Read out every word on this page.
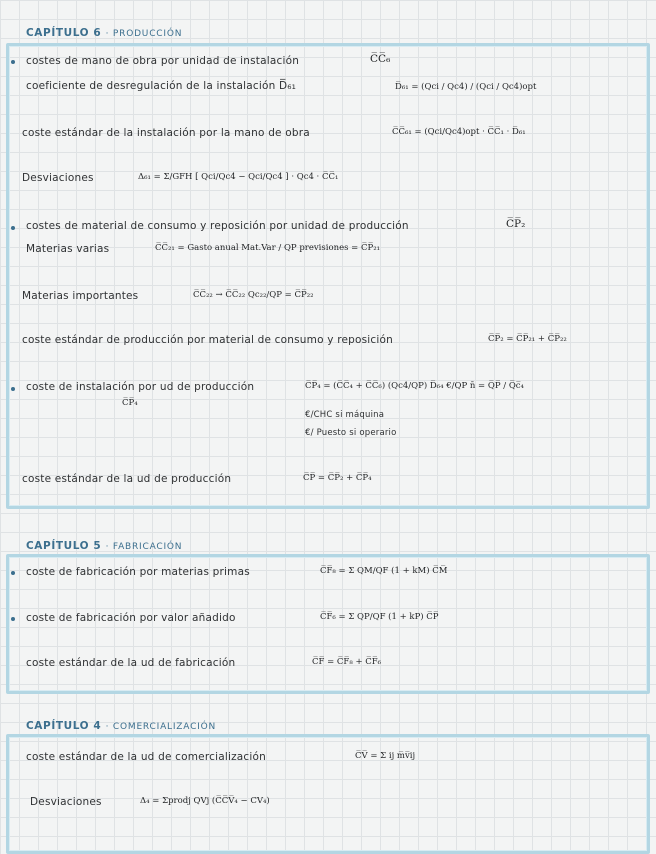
CAPÍTULO 6 · PRODUCCIÓN
costes de mano de obra por unidad de instalación	C̅C̅₆
coeficiente de desregulación de la instalación D̅₆₁	D̅₆₁ = (Qci / Qc4) / (Qci / Qc4)opt
coste estándar de la instalación por la mano de obra	C̅C̅₆₁ = (Qci/Qc4)opt · C̅C̅₁ · D̅₆₁
Desviaciones	Δ₆₁ = Σ/GFH [ Qci/Qc4 − Qci/Qc4 ] · Qc4 · C̅C̅₁
costes de material de consumo y reposición por unidad de producción	C̅P̅₂
Materias varias	C̅C̅₂₁ = Gasto anual Mat.Var / QP previsiones = C̅P̅₂₁
Materias importantes	C̅C̅₂₂ → C̅C̅₂₂ Qc₂₂/QP = C̅P̅₂₂
coste estándar de producción por material de consumo y reposición	C̅P̅₂ = C̅P̅₂₁ + C̅P̅₂₂
coste de instalación por ud de producción	C̅P̅₄ = (C̅C̅₄ + C̅C̅₆) (Qc4/QP) D̅₆₄ €/QP n̄ = Q̅P̅ / Q̅c̅₄
C̅P̅₄
€/CHC si máquina
€/ Puesto si operario
coste estándar de la ud de producción	C̅P̅ = C̅P̅₂ + C̅P̅₄
CAPÍTULO 5 · FABRICACIÓN
coste de fabricación por materias primas	C̅F̅₈ = Σ QM/QF (1 + kM) C̅M̅
coste de fabricación por valor añadido	C̅F̅₆ = Σ QP/QF (1 + kP) C̅P̅
coste estándar de la ud de fabricación	C̅F̅ = C̅F̅₈ + C̅F̅₆
CAPÍTULO 4 · COMERCIALIZACIÓN
coste estándar de la ud de comercialización	C̅V̅ = Σ ij m̅v̅ij
Desviaciones	Δ₄ = Σprodj QVj (C̅C̅V̅₄ − CV₄)
